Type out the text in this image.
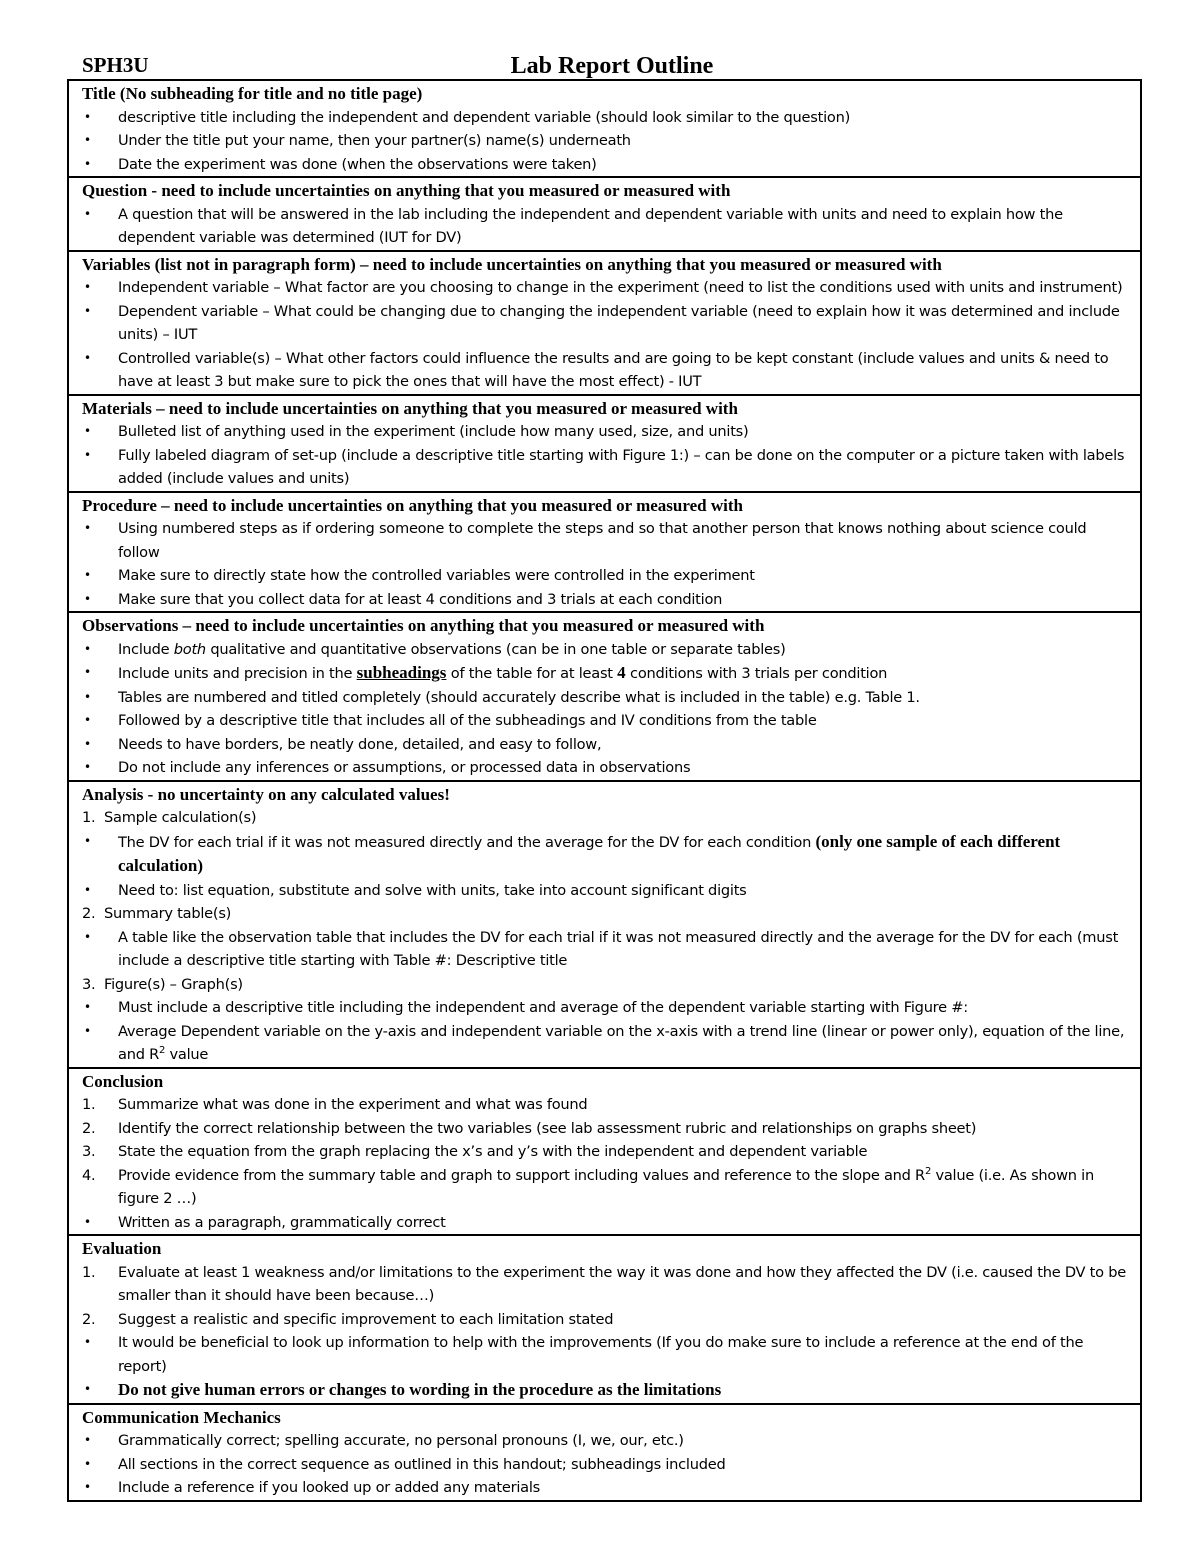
SPH3U	Lab Report Outline
Title (No subheading for title and no title page)
•	descriptive title including the independent and dependent variable (should look similar to the question)
•	Under the title put your name, then your partner(s) name(s) underneath
•	Date the experiment was done (when the observations were taken)
Question - need to include uncertainties on anything that you measured or measured with
•	A question that will be answered in the lab including the independent and dependent variable with units and need to explain how the dependent variable was determined (IUT for DV)
Variables (list not in paragraph form) – need to include uncertainties on anything that you measured or measured with
•	Independent variable – What factor are you choosing to change in the experiment (need to list the conditions used with units and instrument)
•	Dependent variable – What could be changing due to changing the independent variable (need to explain how it was determined and include units) – IUT
•	Controlled variable(s) – What other factors could influence the results and are going to be kept constant (include values and units & need to have at least 3 but make sure to pick the ones that will have the most effect) - IUT
Materials – need to include uncertainties on anything that you measured or measured with
•	Bulleted list of anything used in the experiment (include how many used, size, and units)
•	Fully labeled diagram of set-up (include a descriptive title starting with Figure 1:) – can be done on the computer or a picture taken with labels added (include values and units)
Procedure – need to include uncertainties on anything that you measured or measured with
•	Using numbered steps as if ordering someone to complete the steps and so that another person that knows nothing about science could follow
•	Make sure to directly state how the controlled variables were controlled in the experiment
•	Make sure that you collect data for at least 4 conditions and 3 trials at each condition
Observations – need to include uncertainties on anything that you measured or measured with
•	Include both qualitative and quantitative observations (can be in one table or separate tables)
•	Include units and precision in the subheadings of the table for at least 4 conditions with 3 trials per condition
•	Tables are numbered and titled completely (should accurately describe what is included in the table) e.g. Table 1.
•	Followed by a descriptive title that includes all of the subheadings and IV conditions from the table
•	Needs to have borders, be neatly done, detailed, and easy to follow,
•	Do not include any inferences or assumptions, or processed data in observations
Analysis - no uncertainty on any calculated values!
1. Sample calculation(s)
•	The DV for each trial if it was not measured directly and the average for the DV for each condition (only one sample of each different calculation)
•	Need to: list equation, substitute and solve with units, take into account significant digits
2. Summary table(s)
•	A table like the observation table that includes the DV for each trial if it was not measured directly and the average for the DV for each (must include a descriptive title starting with Table #: Descriptive title
3. Figure(s) – Graph(s)
•	Must include a descriptive title including the independent and average of the dependent variable starting with Figure #:
•	Average Dependent variable on the y-axis and independent variable on the x-axis with a trend line (linear or power only), equation of the line, and $R^2$ value
Conclusion
1.	Summarize what was done in the experiment and what was found
2.	Identify the correct relationship between the two variables (see lab assessment rubric and relationships on graphs sheet)
3.	State the equation from the graph replacing the x’s and y’s with the independent and dependent variable
4.	Provide evidence from the summary table and graph to support including values and reference to the slope and $R^2$ value (i.e. As shown in figure 2 …)
•	Written as a paragraph, grammatically correct
Evaluation
1.	Evaluate at least 1 weakness and/or limitations to the experiment the way it was done and how they affected the DV (i.e. caused the DV to be smaller than it should have been because…)
2.	Suggest a realistic and specific improvement to each limitation stated
•	It would be beneficial to look up information to help with the improvements (If you do make sure to include a reference at the end of the report)
•	Do not give human errors or changes to wording in the procedure as the limitations
Communication Mechanics
•	Grammatically correct; spelling accurate, no personal pronouns (I, we, our, etc.)
•	All sections in the correct sequence as outlined in this handout; subheadings included
•	Include a reference if you looked up or added any materials
